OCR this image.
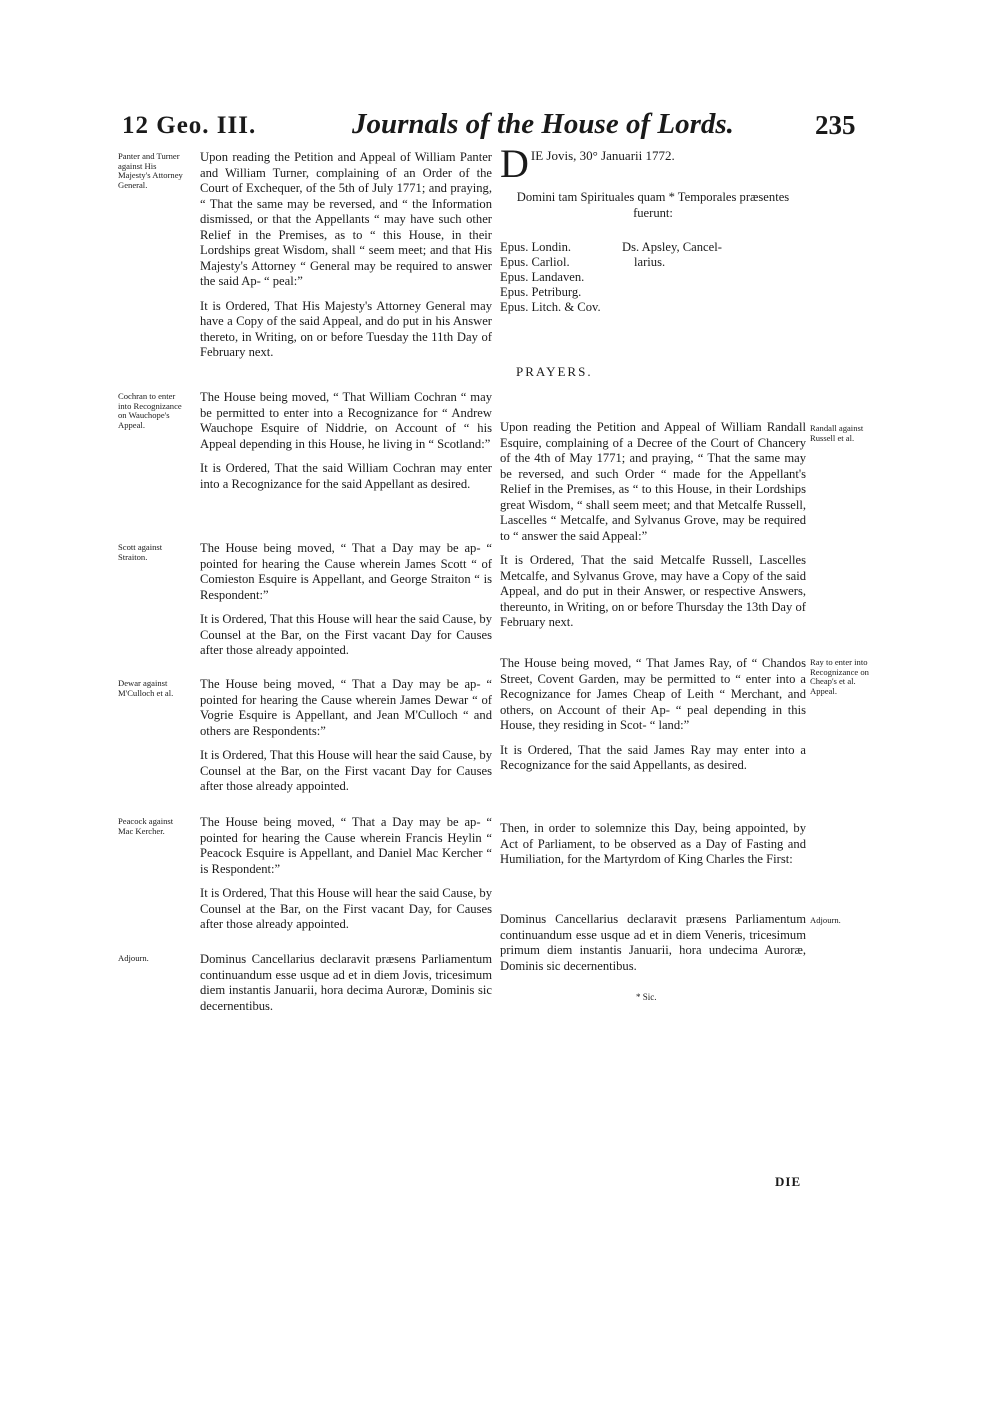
12 Geo. III.	Journals of the House of Lords.	235
Panter and Turner against His Majesty's Attorney General.

Upon reading the Petition and Appeal of William Panter and William Turner, complaining of an Order of the Court of Exchequer, of the 5th of July 1771; and praying, “ That the same may be reversed, and “ the Information dismissed, or that the Appellants “ may have such other Relief in the Premises, as to “ this House, in their Lordships great Wisdom, shall “ seem meet; and that His Majesty's Attorney “ General may be required to answer the said Ap- “ peal:”

It is Ordered, That His Majesty's Attorney General may have a Copy of the said Appeal, and do put in his Answer thereto, in Writing, on or before Tuesday the 11th Day of February next.

Cochran to enter into Recognizance on Wauchope's Appeal.

The House being moved, “ That William Cochran “ may be permitted to enter into a Recognizance for “ Andrew Wauchope Esquire of Niddrie, on Account of “ his Appeal depending in this House, he living in “ Scotland:”

It is Ordered, That the said William Cochran may enter into a Recognizance for the said Appellant as desired.

Scott against Straiton.

The House being moved, “ That a Day may be ap- “ pointed for hearing the Cause wherein James Scott “ of Comieston Esquire is Appellant, and George Straiton “ is Respondent:”

It is Ordered, That this House will hear the said Cause, by Counsel at the Bar, on the First vacant Day for Causes after those already appointed.

Dewar against M'Culloch et al.

The House being moved, “ That a Day may be ap- “ pointed for hearing the Cause wherein James Dewar “ of Vogrie Esquire is Appellant, and Jean M'Culloch “ and others are Respondents:”

It is Ordered, That this House will hear the said Cause, by Counsel at the Bar, on the First vacant Day for Causes after those already appointed.

Peacock against Mac Kercher.

The House being moved, “ That a Day may be ap- “ pointed for hearing the Cause wherein Francis Heylin “ Peacock Esquire is Appellant, and Daniel Mac Kercher “ is Respondent:”

It is Ordered, That this House will hear the said Cause, by Counsel at the Bar, on the First vacant Day, for Causes after those already appointed.

Adjourn.	Dominus Cancellarius declaravit præsens Parliamentum continuandum esse usque ad et in diem Jovis, tricesimum diem instantis Januarii, hora decima Auroræ, Dominis sic decernentibus.

D IE Jovis, 30° Januarii 1772.
Domini tam Spirituales quam * Temporales præsentes fuerunt:
Epus. Londin.
Epus. Carliol.
Epus. Landaven.
Epus. Petriburg.
Epus. Litch. & Cov.
Ds. Apsley, Cancel-
larius.
PRAYERS.
Randall against Russell et al.

Upon reading the Petition and Appeal of William Randall Esquire, complaining of a Decree of the Court of Chancery of the 4th of May 1771; and praying, “ That the same may be reversed, and such Order “ made for the Appellant's Relief in the Premises, as “ to this House, in their Lordships great Wisdom, “ shall seem meet; and that Metcalfe Russell, Lascelles “ Metcalfe, and Sylvanus Grove, may be required to “ answer the said Appeal:”

It is Ordered, That the said Metcalfe Russell, Lascelles Metcalfe, and Sylvanus Grove, may have a Copy of the said Appeal, and do put in their Answer, or respective Answers, thereunto, in Writing, on or before Thursday the 13th Day of February next.

Ray to enter into Recognizance on Cheap's et al. Appeal.

The House being moved, “ That James Ray, of “ Chandos Street, Covent Garden, may be permitted to “ enter into a Recognizance for James Cheap of Leith “ Merchant, and others, on Account of their Ap- “ peal depending in this House, they residing in Scot- “ land:”

It is Ordered, That the said James Ray may enter into a Recognizance for the said Appellants, as desired.

Then, in order to solemnize this Day, being appointed, by Act of Parliament, to be observed as a Day of Fasting and Humiliation, for the Martyrdom of King Charles the First:

Adjourn.

Dominus Cancellarius declaravit præsens Parliamentum continuandum esse usque ad et in diem Veneris, tricesimum primum diem instantis Januarii, hora undecima Auroræ, Dominis sic decernentibus.

* Sic.
DIE
